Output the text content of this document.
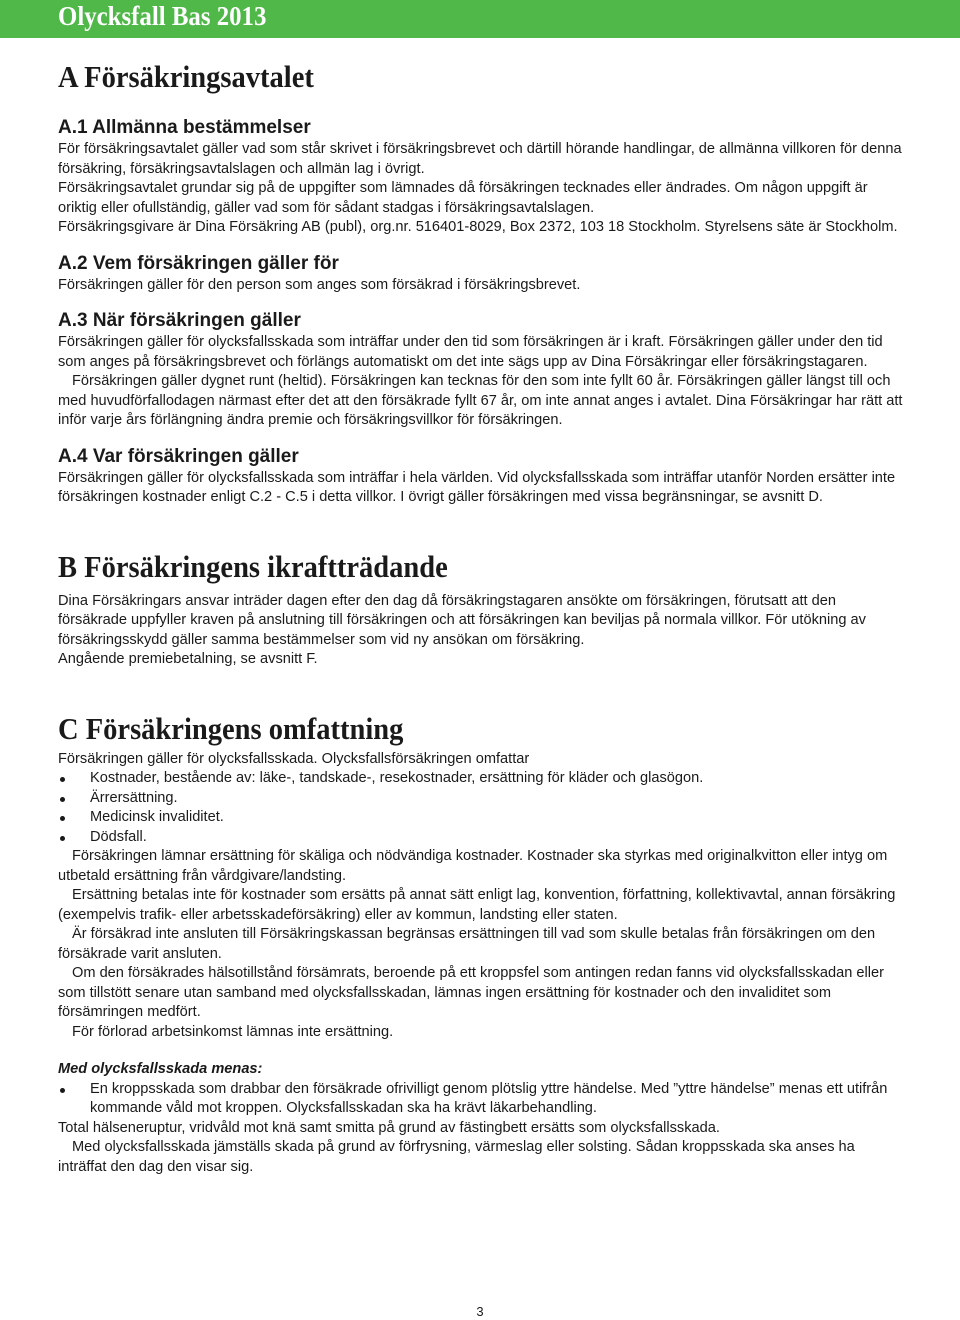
Olycksfall Bas 2013
A Försäkringsavtalet
A.1 Allmänna bestämmelser

För försäkringsavtalet gäller vad som står skrivet i försäkringsbrevet och därtill hörande handlingar, de allmänna villkoren för denna försäkring, försäkringsavtalslagen och allmän lag i övrigt.

Försäkringsavtalet grundar sig på de uppgifter som lämnades då försäkringen tecknades eller ändrades. Om någon uppgift är oriktig eller ofullständig, gäller vad som för sådant stadgas i försäkringsavtalslagen.

Försäkringsgivare är Dina Försäkring AB (publ), org.nr. 516401-8029, Box 2372, 103 18 Stockholm. Styrelsens säte är Stockholm.

A.2 Vem försäkringen gäller för

Försäkringen gäller för den person som anges som försäkrad i försäkringsbrevet.

A.3 När försäkringen gäller

Försäkringen gäller för olycksfallsskada som inträffar under den tid som försäkringen är i kraft. Försäkringen gäller under den tid som anges på försäkringsbrevet och förlängs automatiskt om det inte sägs upp av Dina Försäkringar eller försäkringstagaren.

Försäkringen gäller dygnet runt (heltid). Försäkringen kan tecknas för den som inte fyllt 60 år. Försäkringen gäller längst till och med huvudförfallodagen närmast efter det att den försäkrade fyllt 67 år, om inte annat anges i avtalet. Dina Försäkringar har rätt att inför varje års förlängning ändra premie och försäkringsvillkor för försäkringen.

A.4 Var försäkringen gäller

Försäkringen gäller för olycksfallsskada som inträffar i hela världen. Vid olycksfallsskada som inträffar utanför Norden ersätter inte försäkringen kostnader enligt C.2 - C.5 i detta villkor. I övrigt gäller försäkringen med vissa begränsningar, se avsnitt D.

B Försäkringens ikraftträdande

Dina Försäkringars ansvar inträder dagen efter den dag då försäkringstagaren ansökte om försäkringen, förutsatt att den försäkrade uppfyller kraven på anslutning till försäkringen och att försäkringen kan beviljas på normala villkor. För utökning av försäkringsskydd gäller samma bestämmelser som vid ny ansökan om försäkring.

Angående premiebetalning, se avsnitt F.

C Försäkringens omfattning

Försäkringen gäller för olycksfallsskada. Olycksfallsförsäkringen omfattar

Kostnader, bestående av: läke-, tandskade-, resekostnader, ersättning för kläder och glasögon.
Ärrersättning.
Medicinsk invaliditet.
Dödsfall.

Försäkringen lämnar ersättning för skäliga och nödvändiga kostnader. Kostnader ska styrkas med originalkvitton eller intyg om utbetald ersättning från vårdgivare/landsting.

Ersättning betalas inte för kostnader som ersätts på annat sätt enligt lag, konvention, författning, kollektivavtal, annan försäkring (exempelvis trafik- eller arbetsskadeförsäkring) eller av kommun, landsting eller staten.

Är försäkrad inte ansluten till Försäkringskassan begränsas ersättningen till vad som skulle betalas från försäkringen om den försäkrade varit ansluten.

Om den försäkrades hälsotillstånd försämrats, beroende på ett kroppsfel som antingen redan fanns vid olycksfallsskadan eller som tillstött senare utan samband med olycksfallsskadan, lämnas ingen ersättning för kostnader och den invaliditet som försämringen medfört.

För förlorad arbetsinkomst lämnas inte ersättning.

Med olycksfallsskada menas:

En kroppsskada som drabbar den försäkrade ofrivilligt genom plötslig yttre händelse. Med ”yttre händelse” menas ett utifrån kommande våld mot kroppen. Olycksfallsskadan ska ha krävt läkarbehandling.

Total hälseneruptur, vridvåld mot knä samt smitta på grund av fästingbett ersätts som olycksfallsskada.

Med olycksfallsskada jämställs skada på grund av förfrysning, värmeslag eller solsting. Sådan kroppsskada ska anses ha inträffat den dag den visar sig.

3
